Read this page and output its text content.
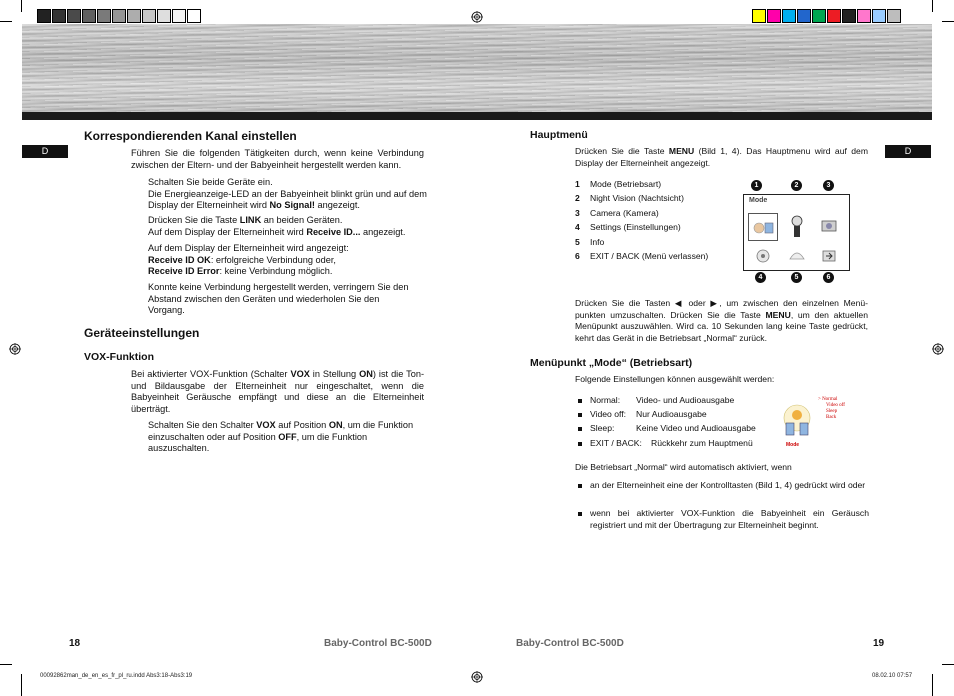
D	D
Korrespondierenden Kanal einstellen
Führen Sie die folgenden Tätigkeiten durch, wenn keine Verbindung zwischen der Eltern- und der Babyeinheit hergestellt werden kann.
Schalten Sie beide Geräte ein.
Die Energieanzeige-LED an der Babyeinheit blinkt grün und auf dem Display der Elterneinheit wird No Signal! angezeigt.
Drücken Sie die Taste LINK an beiden Geräten.
Auf dem Display der Elterneinheit wird Receive ID... angezeigt.
Auf dem Display der Elterneinheit wird angezeigt:
Receive ID OK: erfolgreiche Verbindung oder,
Receive ID Error: keine Verbindung möglich.
Konnte keine Verbindung hergestellt werden, verringern Sie den Abstand zwischen den Geräten und wiederholen Sie den Vorgang.
Geräteeinstellungen
VOX-Funktion
Bei aktivierter VOX-Funktion (Schalter VOX in Stellung ON) ist die Ton- und Bildausgabe der Elterneinheit nur eingeschaltet, wenn die Babyeinheit Geräusche empfängt und diese an die Elterneinheit überträgt.
Schalten Sie den Schalter VOX auf Position ON, um die Funktion einzuschalten oder auf Position OFF, um die Funktion auszuschalten.
18	Baby-Control BC-500D
Hauptmenü
Drücken Sie die Taste MENU (Bild 1, 4). Das Hauptmenu wird auf dem Display der Elterneinheit angezeigt.
1 Mode (Betriebsart)
2 Night Vision (Nachtsicht)
3 Camera (Kamera)
4 Settings (Einstellungen)
5 Info
6 EXIT / BACK (Menü verlassen)
1	2	3
Mode
4	5	6
Drücken Sie die Tasten ◀ oder ▶, um zwischen den einzelnen Menü-punkten umzuschalten. Drücken Sie die Taste MENU, um den aktuellen Menüpunkt auszuwählen. Wird ca. 10 Sekunden lang keine Taste gedrückt, kehrt das Gerät in die Betriebsart „Normal“ zurück.
Menüpunkt „Mode“ (Betriebsart)
Folgende Einstellungen können ausgewählt werden:
Normal: Video- und Audioausgabe
Video off: Nur Audioausgabe
Sleep:	Keine Video und Audioausgabe
EXIT / BACK: Rückkehr zum Hauptmenü	Mode
> Normal
Video off
Sleep
Back
Die Betriebsart „Normal“ wird automatisch aktiviert, wenn
an der Elterneinheit eine der Kontrolltasten (Bild 1, 4) gedrückt wird oder
wenn bei aktivierter VOX-Funktion die Babyeinheit ein Geräusch registriert und mit der Übertragung zur Elterneinheit beginnt.
Baby-Control BC-500D	19
00092862man_de_en_es_fr_pl_ru.indd Abs3:18-Abs3:19	08.02.10 07:57
